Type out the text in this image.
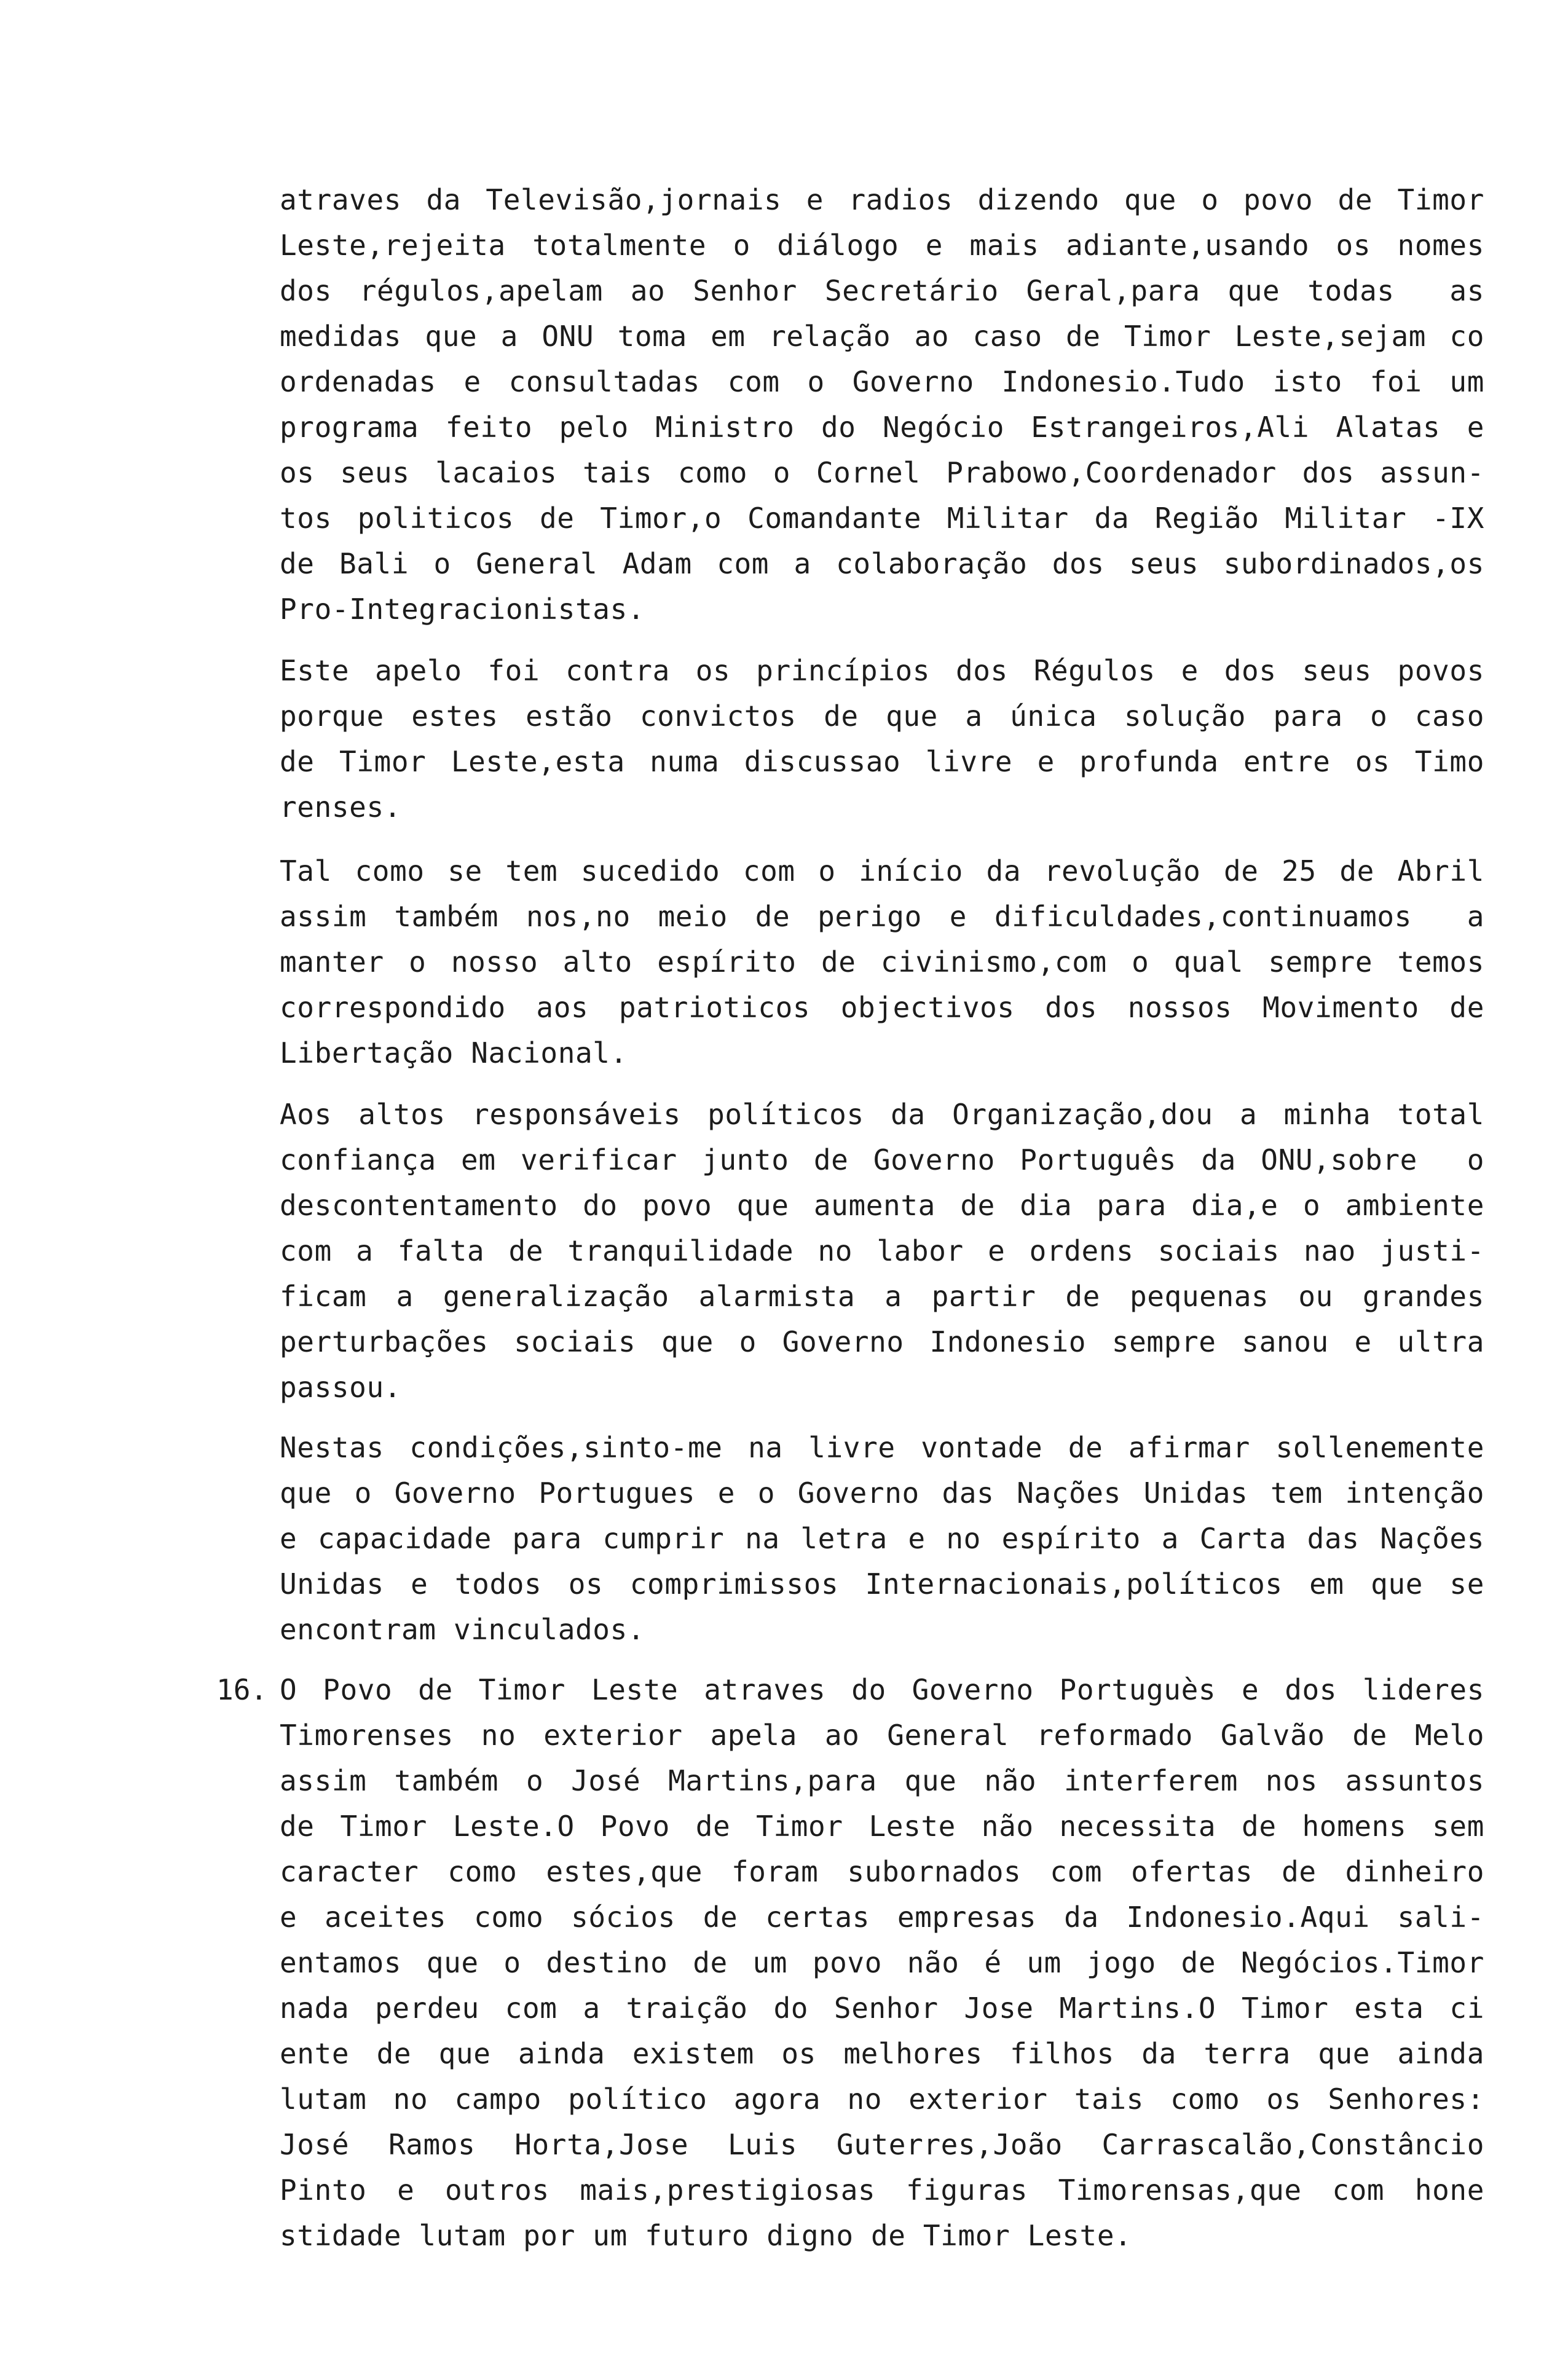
atraves da Televisão,jornais e radios dizendo que o povo de Timor
Leste,rejeita totalmente o diálogo e mais adiante,usando os nomes
dos régulos,apelam ao Senhor Secretário Geral,para que todas  as
medidas que a ONU toma em relação ao caso de Timor Leste,sejam co
ordenadas e consultadas com o Governo Indonesio.Tudo isto foi um
programa feito pelo Ministro do Negócio Estrangeiros,Ali Alatas e
os seus lacaios tais como o Cornel Prabowo,Coordenador dos assun-
tos politicos de Timor,o Comandante Militar da Região Militar -IX
de Bali o General Adam com a colaboração dos seus subordinados,os
Pro-Integracionistas.
Este apelo foi contra os princípios dos Régulos e dos seus povos
porque estes estão convictos de que a única solução para o caso
de Timor Leste,esta numa discussao livre e profunda entre os Timo
renses.
Tal como se tem sucedido com o início da revolução de 25 de Abril
assim também nos,no meio de perigo e dificuldades,continuamos  a
manter o nosso alto espírito de civinismo,com o qual sempre temos
correspondido aos patrioticos objectivos dos nossos Movimento de
Libertação Nacional.
Aos altos responsáveis políticos da Organização,dou a minha total
confiança em verificar junto de Governo Português da ONU,sobre  o
descontentamento do povo que aumenta de dia para dia,e o ambiente
com a falta de tranquilidade no labor e ordens sociais nao justi-
ficam a generalização alarmista a partir de pequenas ou grandes
perturbações sociais que o Governo Indonesio sempre sanou e ultra
passou.
Nestas condições,sinto-me na livre vontade de afirmar sollenemente
que o Governo Portugues e o Governo das Nações Unidas tem intenção
e capacidade para cumprir na letra e no espírito a Carta das Nações
Unidas e todos os comprimissos Internacionais,políticos em que se
encontram vinculados.
16. O Povo de Timor Leste atraves do Governo Portuguès e dos lideres
Timorenses no exterior apela ao General reformado Galvão de Melo
assim também o José Martins,para que não interferem nos assuntos
de Timor Leste.O Povo de Timor Leste não necessita de homens sem
caracter como estes,que foram subornados com ofertas de dinheiro
e aceites como sócios de certas empresas da Indonesio.Aqui sali-
entamos que o destino de um povo não é um jogo de Negócios.Timor
nada perdeu com a traição do Senhor Jose Martins.O Timor esta ci
ente de que ainda existem os melhores filhos da terra que ainda
lutam no campo político agora no exterior tais como os Senhores:
José Ramos Horta,Jose Luis Guterres,João Carrascalão,Constâncio
Pinto e outros mais,prestigiosas figuras Timorensas,que com hone
stidade lutam por um futuro digno de Timor Leste.
